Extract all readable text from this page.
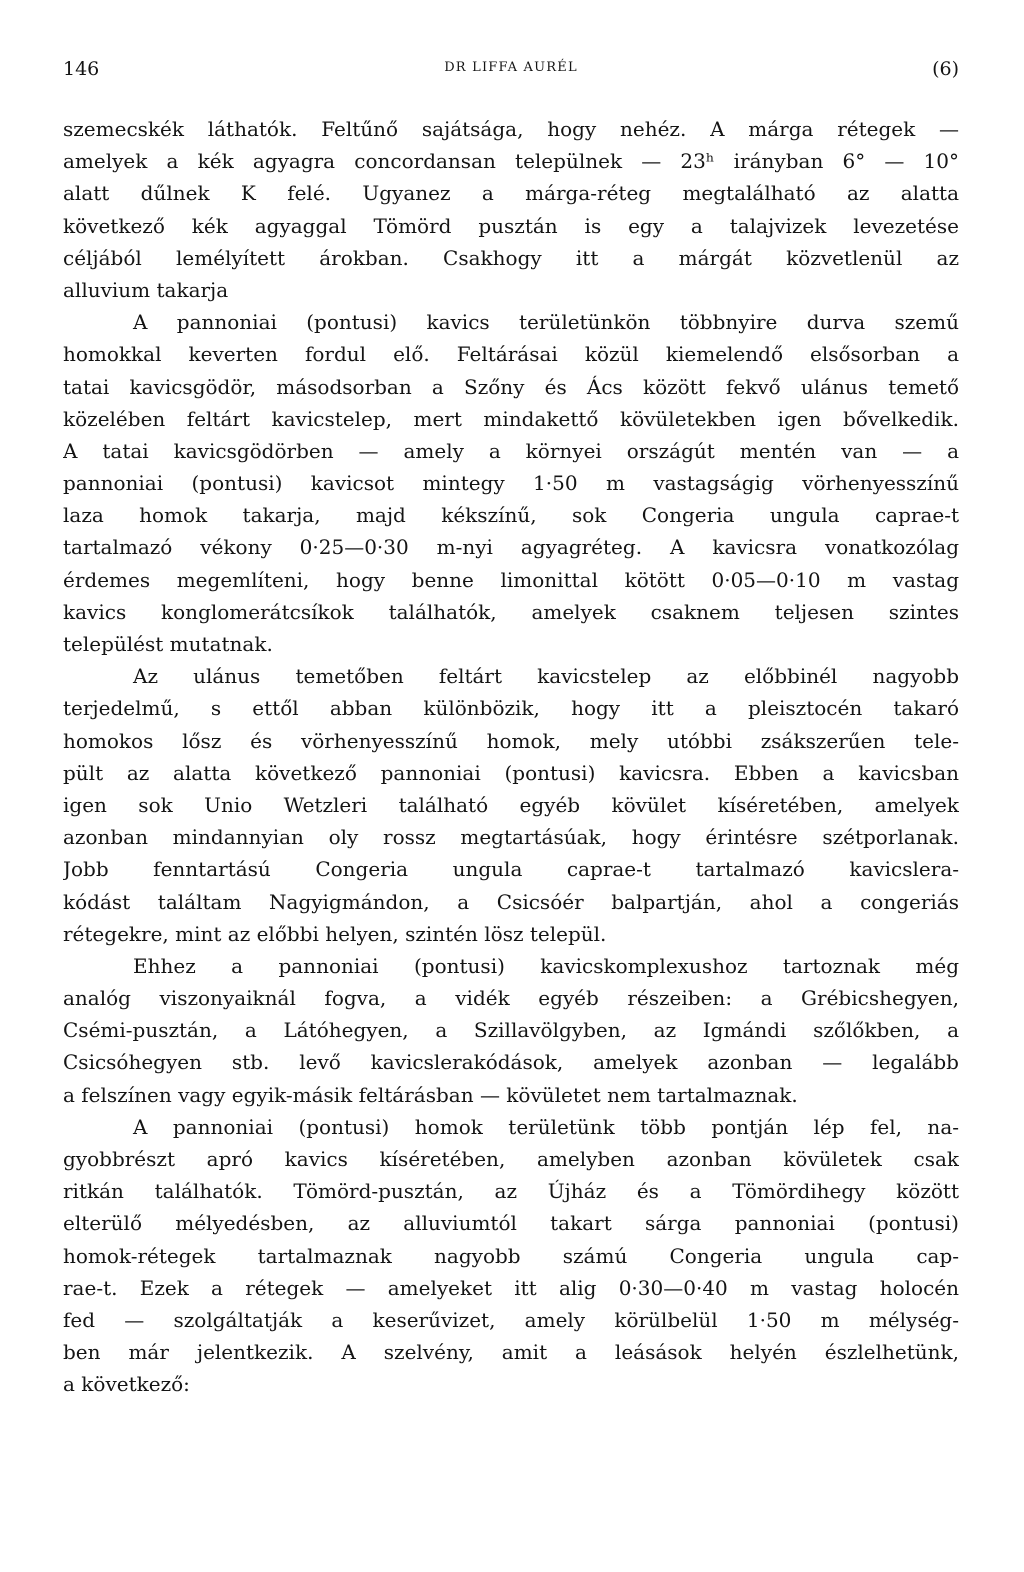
146	DR LIFFA AURÉL	(6)
szemecskék láthatók. Feltűnő sajátsága, hogy nehéz. A márga rétegek —
amelyek a kék agyagra concordansan települnek — 23ʰ irányban 6° — 10°
alatt dűlnek K felé. Ugyanez a márga-réteg megtalálható az alatta
következő kék agyaggal Tömörd pusztán is egy a talajvizek levezetése
céljából lemélyített árokban. Csakhogy itt a márgát közvetlenül az
alluvium takarja
A pannoniai (pontusi) kavics területünkön többnyire durva szemű
homokkal keverten fordul elő. Feltárásai közül kiemelendő elsősorban a
tatai kavicsgödör, másodsorban a Szőny és Ács között fekvő ulánus temető
közelében feltárt kavicstelep, mert mindakettő kövületekben igen bővelkedik.
A tatai kavicsgödörben — amely a környei országút mentén van — a
pannoniai (pontusi) kavicsot mintegy 1·50 m vastagságig vörhenyesszínű
laza homok takarja, majd kékszínű, sok Congeria ungula caprae-t
tartalmazó vékony 0·25—0·30 m-nyi agyagréteg. A kavicsra vonatkozólag
érdemes megemlíteni, hogy benne limonittal kötött 0·05—0·10 m vastag
kavics konglomerátcsíkok találhatók, amelyek csaknem teljesen szintes
települést mutatnak.
Az ulánus temetőben feltárt kavicstelep az előbbinél nagyobb
terjedelmű, s ettől abban különbözik, hogy itt a pleisztocén takaró
homokos lősz és vörhenyesszínű homok, mely utóbbi zsákszerűen tele-
pült az alatta következő pannoniai (pontusi) kavicsra. Ebben a kavicsban
igen sok Unio Wetzleri található egyéb kövület kíséretében, amelyek
azonban mindannyian oly rossz megtartásúak, hogy érintésre szétporlanak.
Jobb fenntartású Congeria ungula caprae-t tartalmazó kavicslera-
kódást találtam Nagyigmándon, a Csicsóér balpartján, ahol a congeriás
rétegekre, mint az előbbi helyen, szintén lösz települ.
Ehhez a pannoniai (pontusi) kavicskomplexushoz tartoznak még
analóg viszonyaiknál fogva, a vidék egyéb részeiben: a Grébicshegyen,
Csémi-pusztán, a Látóhegyen, a Szillavölgyben, az Igmándi szőlőkben, a
Csicsóhegyen stb. levő kavicslerakódások, amelyek azonban — legalább
a felszínen vagy egyik-másik feltárásban — kövületet nem tartalmaznak.
A pannoniai (pontusi) homok területünk több pontján lép fel, na-
gyobbrészt apró kavics kíséretében, amelyben azonban kövületek csak
ritkán találhatók. Tömörd-pusztán, az Újház és a Tömördihegy között
elterülő mélyedésben, az alluviumtól takart sárga pannoniai (pontusi)
homok-rétegek tartalmaznak nagyobb számú Congeria ungula cap-
rae-t. Ezek a rétegek — amelyeket itt alig 0·30—0·40 m vastag holocén
fed — szolgáltatják a keserűvizet, amely körülbelül 1·50 m mélység-
ben már jelentkezik. A szelvény, amit a leásások helyén észlelhetünk,
a következő:
